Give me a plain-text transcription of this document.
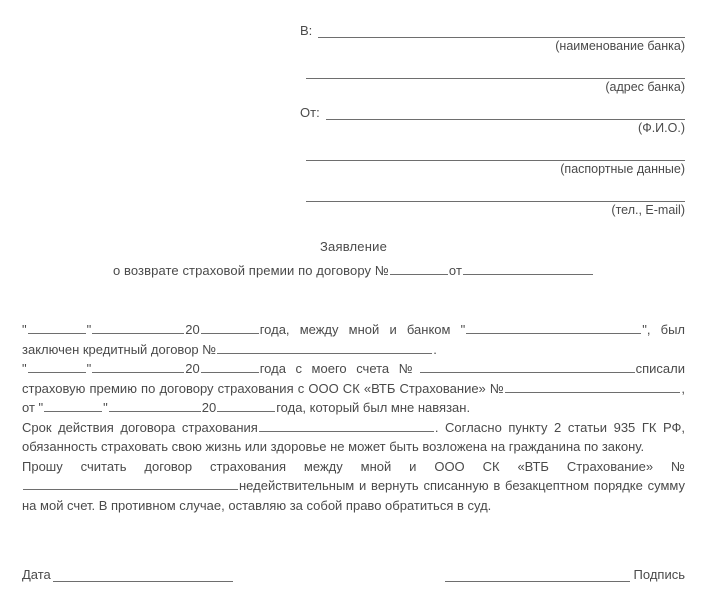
В:
(наименование банка)
(адрес банка)
От:
(Ф.И.О.)
(паспортные данные)
(тел., E-mail)
Заявление
о возврате страховой премии по договору №	от

"	"	20	года, между мной и банком "	", был заключен кредитный договор №	.

"	"	20	года с моего счета №	списали страховую премию по договору страхования с ООО СК «ВТБ Страхование» №	, от "	"	20	года, который был мне навязан.

Срок действия договора страхования	. Согласно пункту 2 статьи 935 ГК РФ, обязанность страховать свою жизнь или здоровье не может быть возложена на гражданина по закону.

Прошу считать договор страхования между мной и ООО СК «ВТБ Страхование» №недействительным и вернуть списанную в безакцептном порядке сумму на мой счет. В противном случае, оставляю за собой право обратиться в суд.

Дата	Подпись
